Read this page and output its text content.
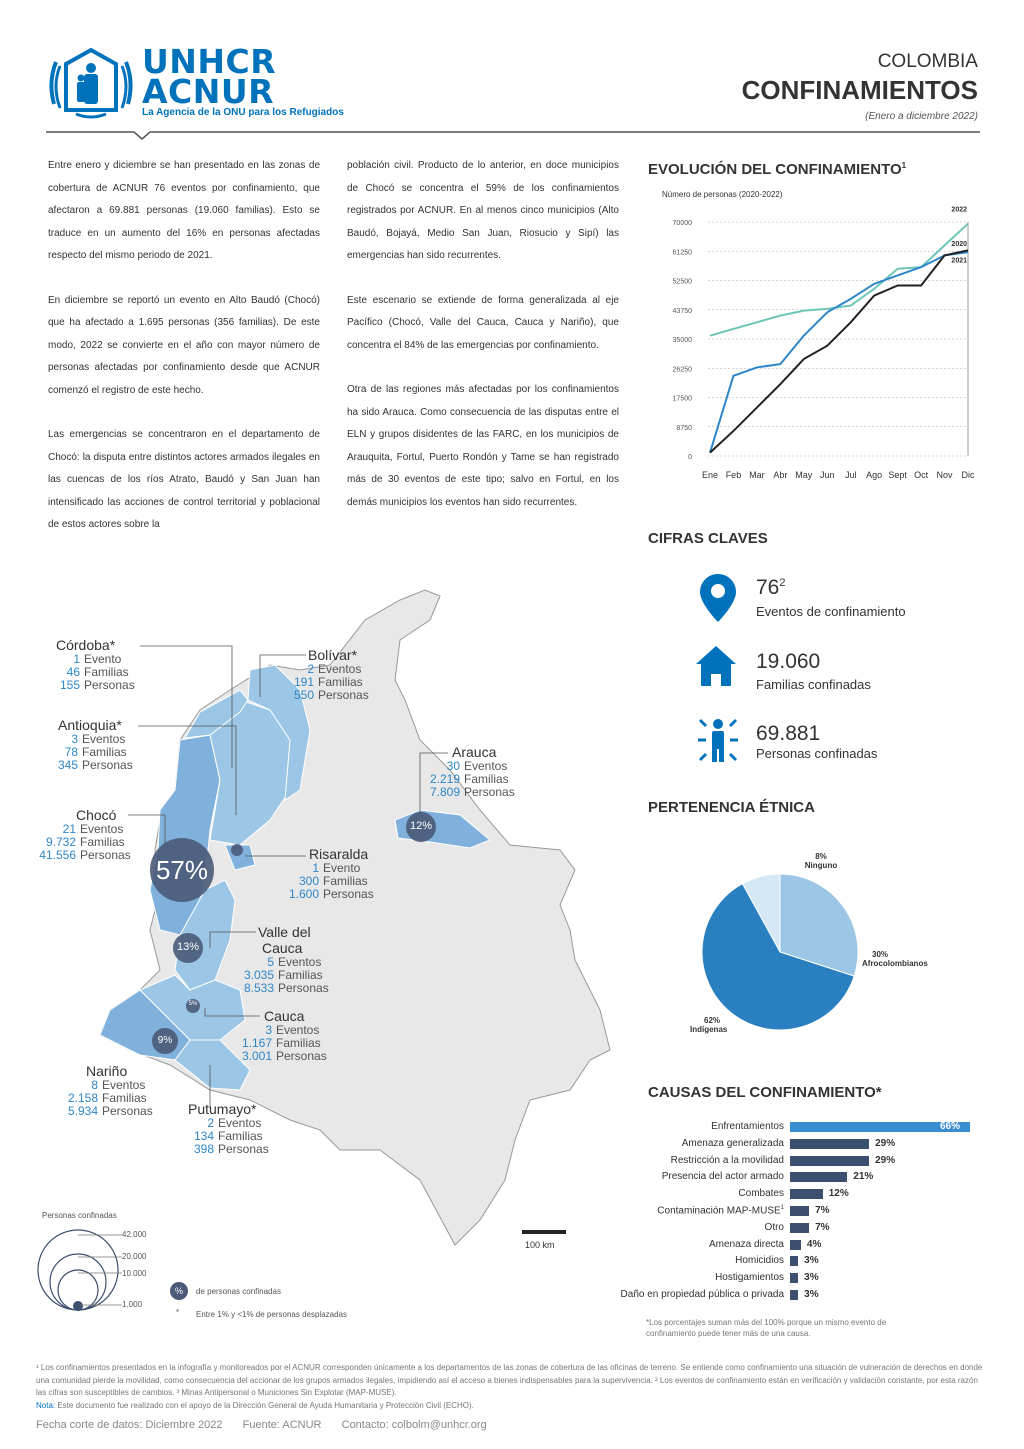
UNHCR
ACNUR
La Agencia de la ONU para los Refugiados
COLOMBIA
CONFINAMIENTOS
(Enero a diciembre 2022)

Entre enero y diciembre se han presentado en las zonas de cobertura de ACNUR 76 eventos por confinamiento, que afectaron a 69.881 personas (19.060 familias). Esto se traduce en un aumento del 16% en personas afectadas respecto del mismo periodo de 2021.

En diciembre se reportó un evento en Alto Baudó (Chocó) que ha afectado a 1.695 personas (356 familias). De este modo, 2022 se convierte en el año con mayor número de personas afectadas por confinamiento desde que ACNUR comenzó el registro de este hecho.

Las emergencias se concentraron en el departamento de Chocó: la disputa entre distintos actores armados ilegales en las cuencas de los ríos Atrato, Baudó y San Juan han intensificado las acciones de control territorial y poblacional de estos actores sobre la

población civil. Producto de lo anterior, en doce municipios de Chocó se concentra el 59% de los confinamientos registrados por ACNUR. En al menos cinco municipios (Alto Baudó, Bojayá, Medio San Juan, Riosucio y Sipí) las emergencias han sido recurrentes.

Este escenario se extiende de forma generalizada al eje Pacífico (Chocó, Valle del Cauca, Cauca y Nariño), que concentra el 84% de las emergencias por confinamiento.

Otra de las regiones más afectadas por los confinamientos ha sido Arauca. Como consecuencia de las disputas entre el ELN y grupos disidentes de las FARC, en los municipios de Arauquita, Fortul, Puerto Rondón y Tame se han registrado más de 30 eventos de este tipo; salvo en Fortul, en los demás municipios los eventos han sido recurrentes.

EVOLUCIÓN DEL CONFINAMIENTO$^1$
Número de personas (2020-2022)
0
8750
17500
26250
35000
43750
52500
61250
70000
Ene Feb Mar Abr May Jun Jul Ago Sept Oct Nov Dic
2022
2020
2021
CIFRAS CLAVES
$76^2$
Eventos de confinamiento
19.060
Familias confinadas
69.881
Personas confinadas
PERTENENCIA ÉTNICA
8%
Ninguno
30%
Afrocolombianos
62%
Indígenas
CAUSAS DEL CONFINAMIENTO*
Enfrentamientos	66%
Amenaza generalizada	29%
Restricción a la movilidad	29%
Presencia del actor armado	21%
Combates	12%
Contaminación MAP-MUSE$^1$	7%
Otro	7%
Amenaza directa 4%
Homicidios 3%
Hostigamientos 3%
Daño en propiedad pública o privada 3%
*Los porcentajes suman más del 100% porque un mismo evento de confinamiento puede tener más de una causa.
57%
12%
13%
9%
5%
Córdoba*
1 Evento
46 Familias
155 Personas
Bolívar*
2 Eventos
191 Familias
550 Personas
Antioquia*
3 Eventos
78 Familias
345 Personas
Arauca
30 Eventos
2.219 Familias
7.809 Personas
Chocó
21 Eventos
9.732 Familias
41.556 Personas	Risaralda
1 Evento
300 Familias
1.600 Personas
Valle del
Cauca
5 Eventos
3.035 Familias
8.533 Personas
Cauca
3 Eventos
1.167 Familias
3.001 Personas
Nariño
8 Eventos
2.158 Familias
5.934 Personas	Putumayo*
2 Eventos
134 Familias
398 Personas
100 km
Personas confinadas
42.000
20.000
10.000
1.000
%	de personas confinadas
* Entre 1% y <1% de personas desplazadas
¹ Los confinamientos presentados en la infografía y monitoreados por el ACNUR corresponden únicamente a los departamentos de las zonas de cobertura de las oficinas de terreno. Se entiende como confinamiento una situación de vulneración de derechos en donde una comunidad pierde la movilidad, como consecuencia del accionar de los grupos armados ilegales, impidiendo así el acceso a bienes indispensables para la supervivencia. ² Los eventos de confinamiento están en verificación y validación constante, por esta razón las cifras son susceptibles de cambios. ³ Minas Antipersonal o Municiones Sin Explotar (MAP-MUSE).
Nota: Este documento fue realizado con el apoyo de la Dirección General de Ayuda Humanitaria y Protección Civil (ECHO).
Fecha corte de datos: Diciembre 2022 Fuente: ACNUR Contacto: colbolm@unhcr.org
